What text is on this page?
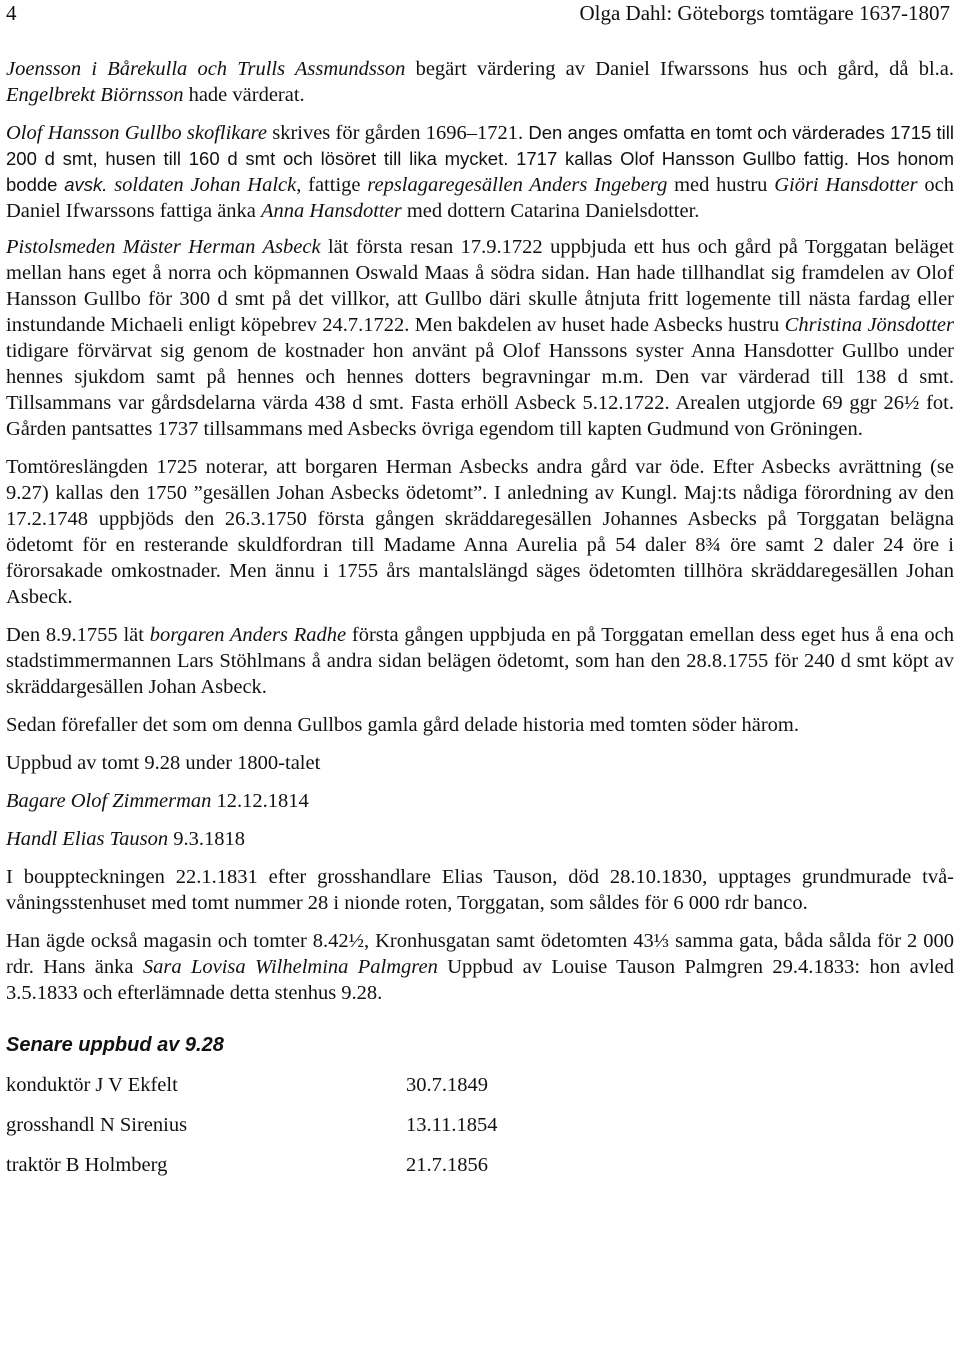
4	Olga Dahl: Göteborgs tomtägare 1637-1807

Joensson i Bårekulla och Trulls Assmundsson begärt värdering av Daniel Ifwarssons hus och gård, då bl.a. Engelbrekt Biörnsson hade värderat.

Olof Hansson Gullbo skoflikare skrives för gården 1696–1721. Den anges omfatta en tomt och värderades 1715 till 200 d smt, husen till 160 d smt och lösöret till lika mycket. 1717 kallas Olof Hansson Gullbo fattig. Hos honom bodde avsk. soldaten Johan Halck, fattige repslagaregesällen Anders Ingeberg med hustru Giöri Hansdotter och Daniel Ifwarssons fattiga änka Anna Hansdotter med dottern Catarina Danielsdotter.

Pistolsmeden Mäster Herman Asbeck lät första resan 17.9.1722 uppbjuda ett hus och gård på Torggatan beläget mellan hans eget å norra och köpmannen Oswald Maas å södra sidan. Han hade tillhandlat sig framdelen av Olof Hansson Gullbo för 300 d smt på det villkor, att Gullbo däri skulle åtnjuta fritt logemente till nästa fardag eller instundande Michaeli enligt köpebrev 24.7.1722. Men bakdelen av huset hade Asbecks hustru Christina Jönsdotter tidigare förvärvat sig genom de kostnader hon använt på Olof Hanssons syster Anna Hansdotter Gullbo under hennes sjukdom samt på hennes och hennes dotters begravningar m.m. Den var värderad till 138 d smt. Tillsammans var gårdsdelarna värda 438 d smt. Fasta erhöll Asbeck 5.12.1722. Arealen utgjorde 69 ggr 26½ fot. Gården pantsattes 1737 tillsammans med Asbecks övriga egendom till kapten Gudmund von Gröningen.

Tomtöreslängden 1725 noterar, att borgaren Herman Asbecks andra gård var öde. Efter Asbecks avrättning (se 9.27) kallas den 1750 ”gesällen Johan Asbecks ödetomt”. I anledning av Kungl. Maj:ts nådiga förordning av den 17.2.1748 uppbjöds den 26.3.1750 första gången skräddaregesällen Johannes Asbecks på Torggatan belägna ödetomt för en resterande skuldfordran till Madame Anna Aurelia på 54 daler 8¾ öre samt 2 daler 24 öre i förorsakade omkostnader. Men ännu i 1755 års mantalslängd säges ödetomten tillhöra skräddaregesällen Johan Asbeck.

Den 8.9.1755 lät borgaren Anders Radhe första gången uppbjuda en på Torggatan emellan dess eget hus å ena och stadstimmermannen Lars Stöhlmans å andra sidan belägen ödetomt, som han den 28.8.1755 för 240 d smt köpt av skräddargesällen Johan Asbeck.

Sedan förefaller det som om denna Gullbos gamla gård delade historia med tomten söder härom.

Uppbud av tomt 9.28 under 1800-talet

Bagare Olof Zimmerman 12.12.1814

Handl Elias Tauson 9.3.1818

I bouppteckningen 22.1.1831 efter grosshandlare Elias Tauson, död 28.10.1830, upptages grundmurade två-våningsstenhuset med tomt nummer 28 i nionde roten, Torggatan, som såldes för 6 000 rdr banco.

Han ägde också magasin och tomter 8.42½, Kronhusgatan samt ödetomten 43⅓ samma gata, båda sålda för 2 000 rdr. Hans änka Sara Lovisa Wilhelmina Palmgren Uppbud av Louise Tauson Palmgren 29.4.1833: hon avled 3.5.1833 och efterlämnade detta stenhus 9.28.

Senare uppbud av 9.28
konduktör J V Ekfelt	30.7.1849
grosshandl N Sirenius	13.11.1854
traktör B Holmberg	21.7.1856
